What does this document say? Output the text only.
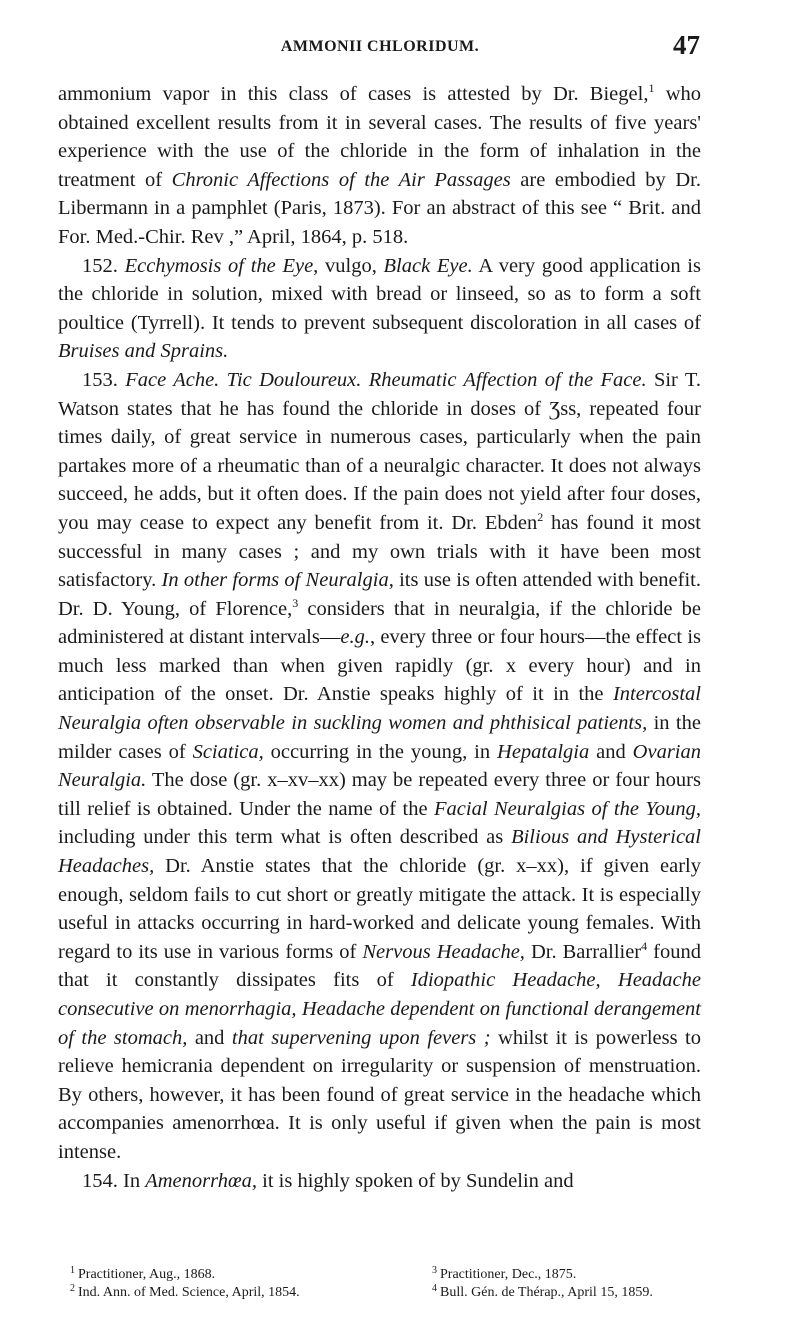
AMMONII CHLORIDUM.	47

ammonium vapor in this class of cases is attested by Dr. Biegel,$^1$ who obtained excellent results from it in several cases. The results of five years' experience with the use of the chloride in the form of inhalation in the treatment of Chronic Affections of the Air Passages are embodied by Dr. Libermann in a pamphlet (Paris, 1873). For an abstract of this see “ Brit. and For. Med.-Chir. Rev ,” April, 1864, p. 518.

152. Ecchymosis of the Eye, vulgo, Black Eye. A very good application is the chloride in solution, mixed with bread or linseed, so as to form a soft poultice (Tyrrell). It tends to prevent subsequent discoloration in all cases of Bruises and Sprains.

153. Face Ache. Tic Douloureux. Rheumatic Affection of the Face. Sir T. Watson states that he has found the chloride in doses of Ʒss, repeated four times daily, of great service in numerous cases, particularly when the pain partakes more of a rheumatic than of a neuralgic character. It does not always succeed, he adds, but it often does. If the pain does not yield after four doses, you may cease to expect any benefit from it. Dr. Ebden$^2$ has found it most successful in many cases ; and my own trials with it have been most satisfactory. In other forms of Neuralgia, its use is often attended with benefit. Dr. D. Young, of Florence,$^3$ considers that in neuralgia, if the chloride be administered at distant intervals—e.g., every three or four hours—the effect is much less marked than when given rapidly (gr. x every hour) and in anticipation of the onset. Dr. Anstie speaks highly of it in the Intercostal Neuralgia often observable in suckling women and phthisical patients, in the milder cases of Sciatica, occurring in the young, in Hepatalgia and Ovarian Neuralgia. The dose (gr. x–xv–xx) may be repeated every three or four hours till relief is obtained. Under the name of the Facial Neuralgias of the Young, including under this term what is often described as Bilious and Hysterical Headaches, Dr. Anstie states that the chloride (gr. x–xx), if given early enough, seldom fails to cut short or greatly mitigate the attack. It is especially useful in attacks occurring in hard-worked and delicate young females. With regard to its use in various forms of Nervous Headache, Dr. Barrallier$^4$ found that it constantly dissipates fits of Idiopathic Headache, Headache consecutive on menorrhagia, Headache dependent on functional derangement of the stomach, and that supervening upon fevers ; whilst it is powerless to relieve hemicrania dependent on irregularity or suspension of menstruation. By others, however, it has been found of great service in the headache which accompanies amenorrhœa. It is only useful if given when the pain is most intense.

154. In Amenorrhœa, it is highly spoken of by Sundelin and

$^1$ Practitioner, Aug., 1868.	$^3$ Practitioner, Dec., 1875.
$^2$ Ind. Ann. of Med. Science, April, 1854.	$^4$ Bull. Gén. de Thérap., April 15, 1859.
